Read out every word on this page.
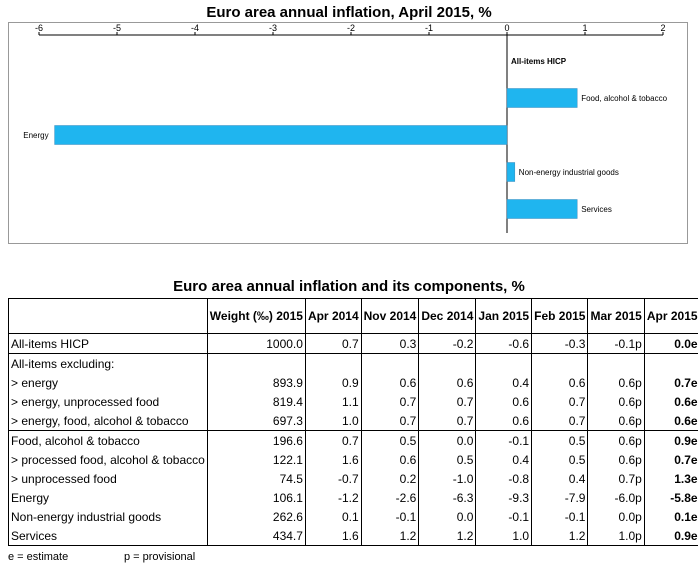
Euro area annual inflation, April 2015, %
-6	-5	-4	-3	-2	-1	0	1	2
All-items HICP
Food, alcohol & tobacco
Energy
Non-energy industrial goods
Services
Euro area annual inflation and its components, %
	Weight (‰) 2015	Apr 2014	Nov 2014	Dec 2014	Jan 2015	Feb 2015	Mar 2015	Apr 2015
All-items HICP	1000.0	0.7	0.3	-0.2	-0.6	-0.3	-0.1p	0.0e
All-items excluding:								
> energy	893.9	0.9	0.6	0.6	0.4	0.6	0.6p	0.7e
> energy, unprocessed food	819.4	1.1	0.7	0.7	0.6	0.7	0.6p	0.6e
> energy, food, alcohol & tobacco	697.3	1.0	0.7	0.7	0.6	0.7	0.6p	0.6e
Food, alcohol & tobacco	196.6	0.7	0.5	0.0	-0.1	0.5	0.6p	0.9e
> processed food, alcohol & tobacco	122.1	1.6	0.6	0.5	0.4	0.5	0.6p	0.7e
> unprocessed food	74.5	-0.7	0.2	-1.0	-0.8	0.4	0.7p	1.3e
Energy	106.1	-1.2	-2.6	-6.3	-9.3	-7.9	-6.0p	-5.8e
Non-energy industrial goods	262.6	0.1	-0.1	0.0	-0.1	-0.1	0.0p	0.1e
Services	434.7	1.6	1.2	1.2	1.0	1.2	1.0p	0.9e
e = estimate	p = provisional
